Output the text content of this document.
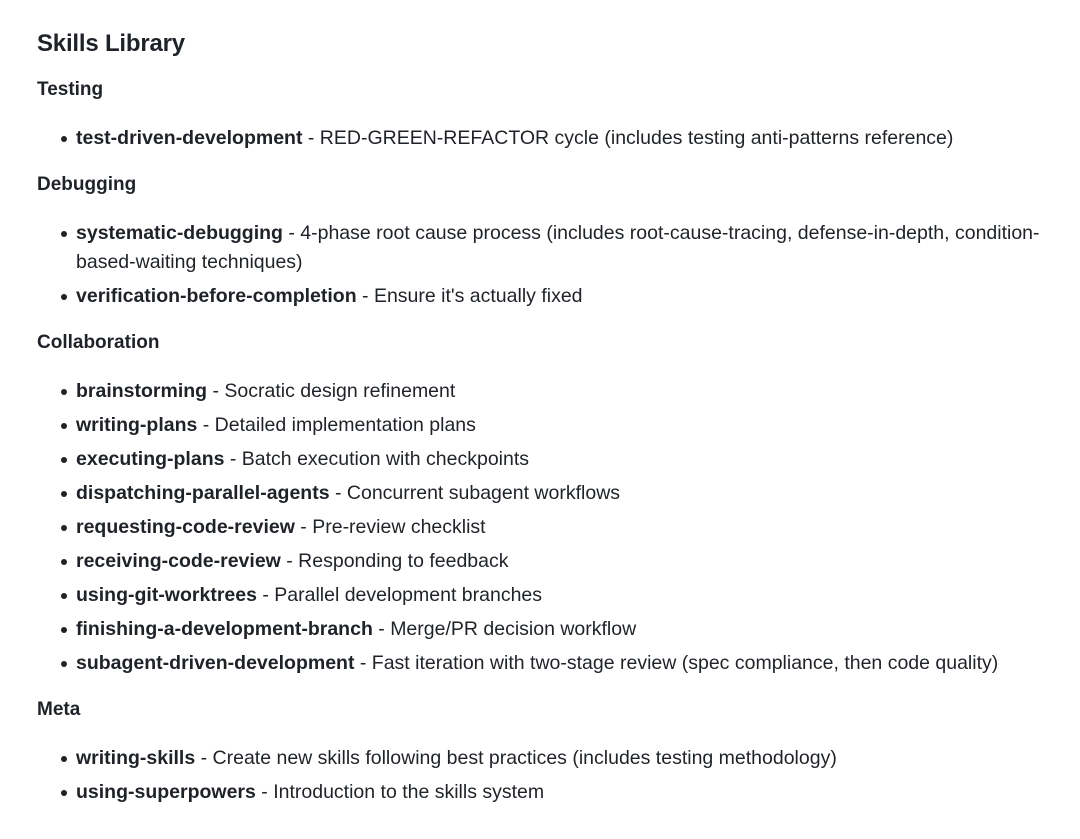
Skills Library
Testing
test-driven-development - RED-GREEN-REFACTOR cycle (includes testing anti-patterns reference)
Debugging
systematic-debugging - 4-phase root cause process (includes root-cause-tracing, defense-in-depth, condition-based-waiting techniques)
verification-before-completion - Ensure it's actually fixed
Collaboration
brainstorming - Socratic design refinement
writing-plans - Detailed implementation plans
executing-plans - Batch execution with checkpoints
dispatching-parallel-agents - Concurrent subagent workflows
requesting-code-review - Pre-review checklist
receiving-code-review - Responding to feedback
using-git-worktrees - Parallel development branches
finishing-a-development-branch - Merge/PR decision workflow
subagent-driven-development - Fast iteration with two-stage review (spec compliance, then code quality)
Meta
writing-skills - Create new skills following best practices (includes testing methodology)
using-superpowers - Introduction to the skills system
